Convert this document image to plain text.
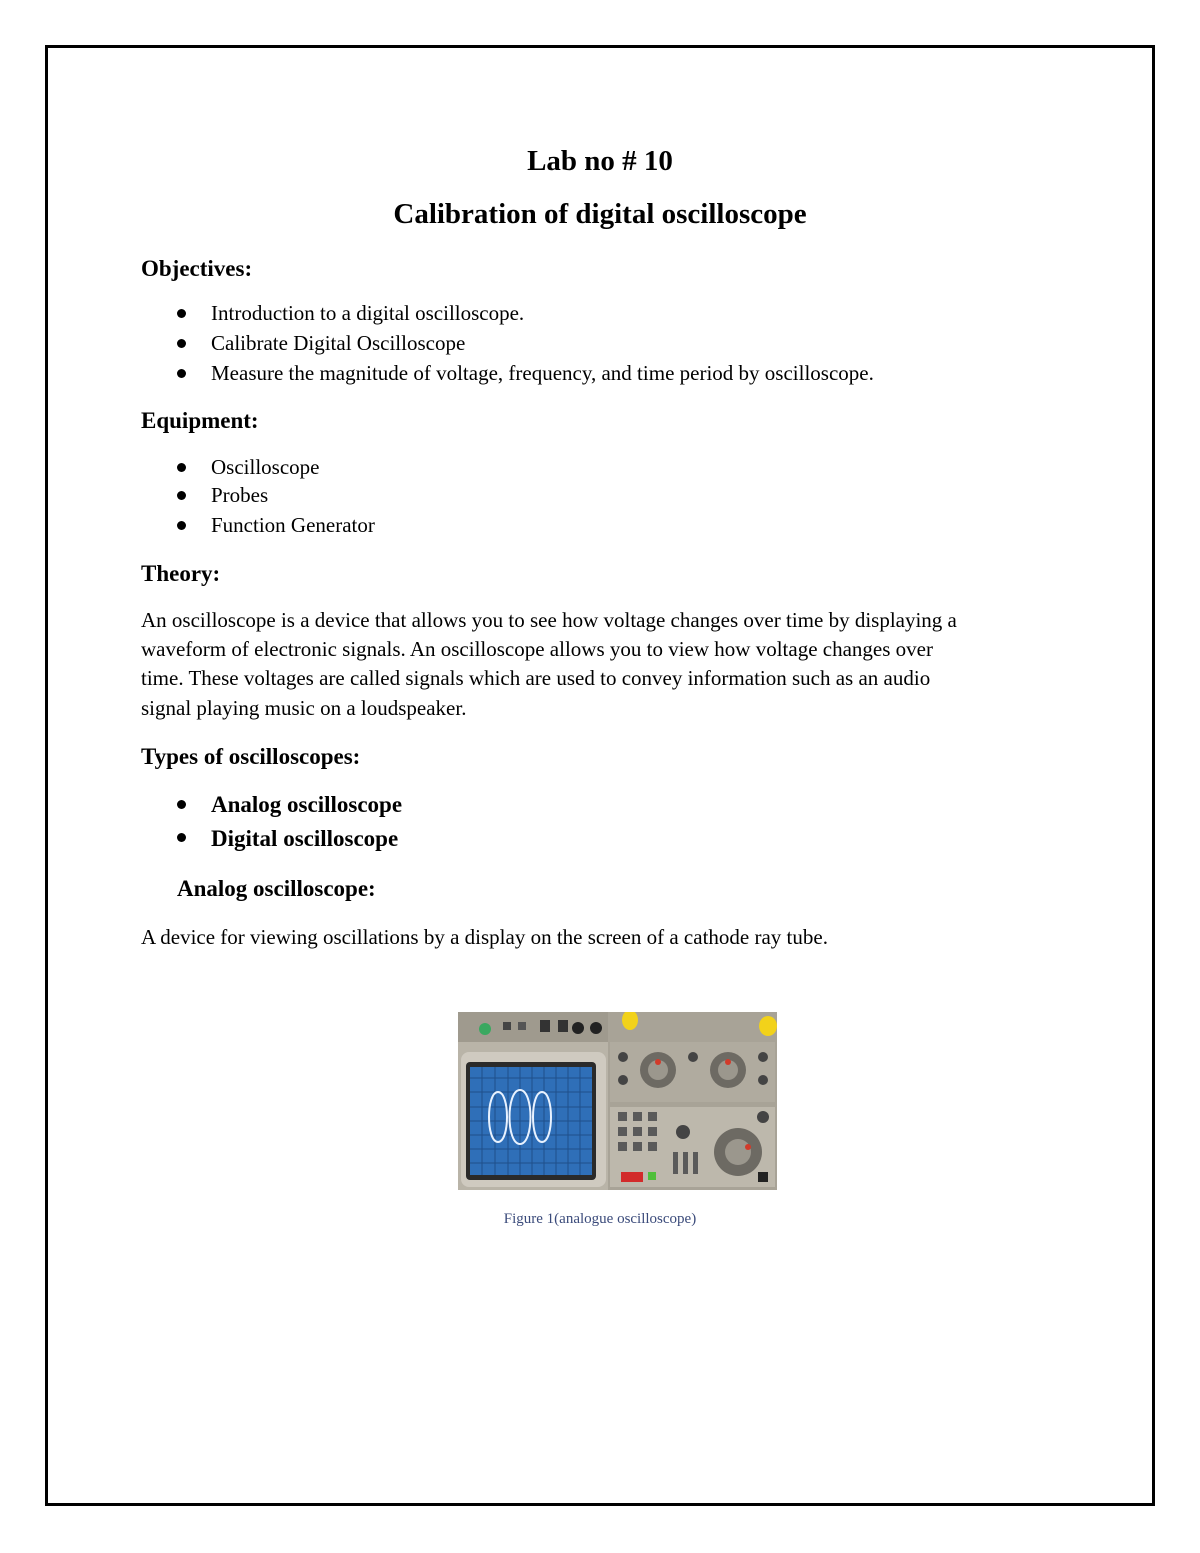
Lab no # 10
Calibration of digital oscilloscope
Objectives:
Introduction to a digital oscilloscope.
Calibrate Digital Oscilloscope
Measure the magnitude of voltage, frequency, and time period by oscilloscope.
Equipment:
Oscilloscope
Probes
Function Generator
Theory:
An oscilloscope is a device that allows you to see how voltage changes over time by displaying a
waveform of electronic signals. An oscilloscope allows you to view how voltage changes over
time. These voltages are called signals which are used to convey information such as an audio
signal playing music on a loudspeaker.
Types of oscilloscopes:
Analog oscilloscope
Digital oscilloscope
Analog oscilloscope:
A device for viewing oscillations by a display on the screen of a cathode ray tube.
Figure 1(analogue oscilloscope)
